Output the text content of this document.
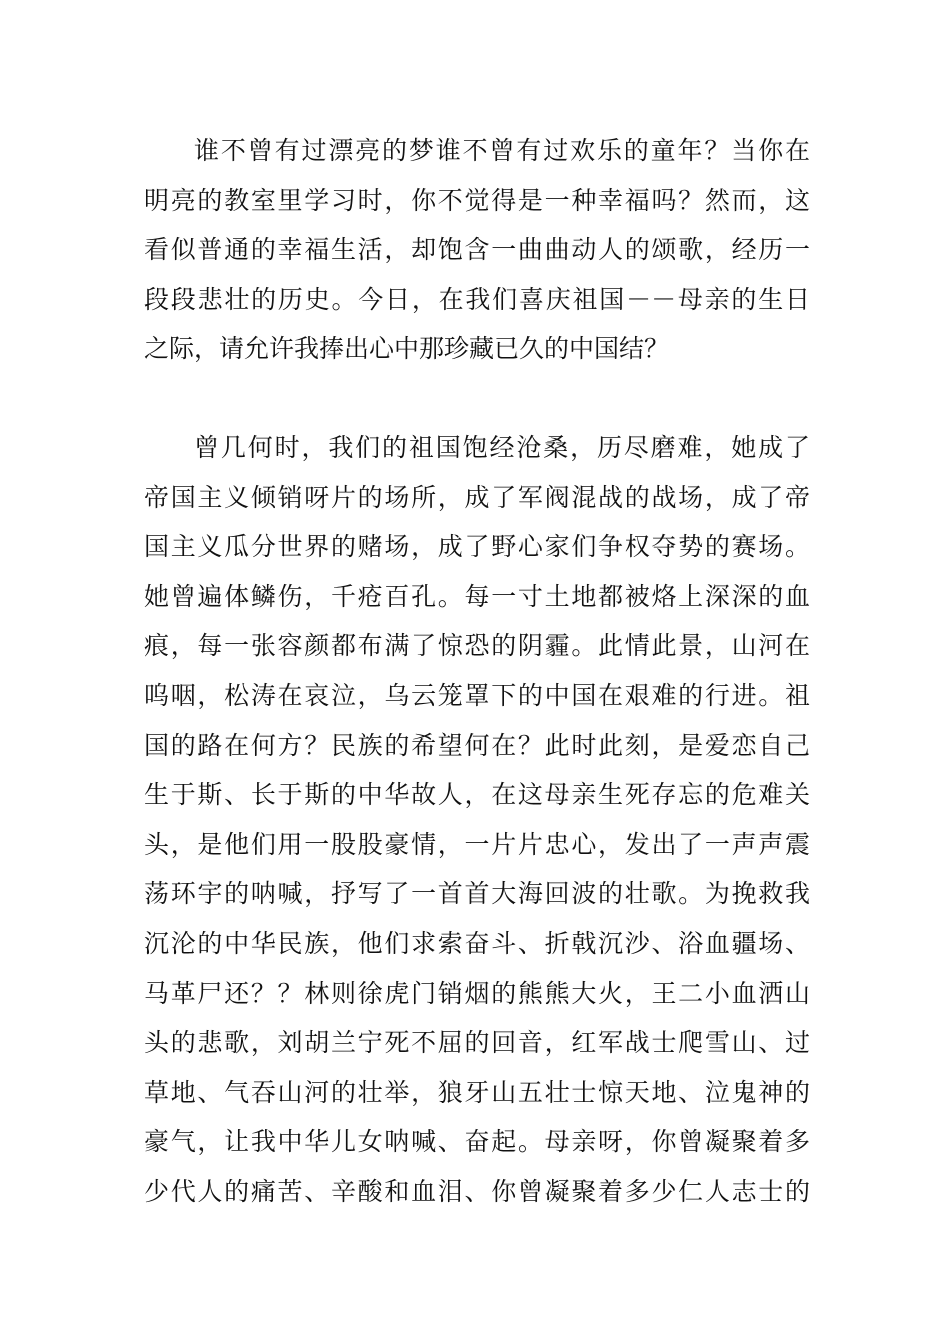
谁不曾有过漂亮的梦谁不曾有过欢乐的童年？当你在
明亮的教室里学习时，你不觉得是一种幸福吗？然而，这
看似普通的幸福生活，却饱含一曲曲动人的颂歌，经历一
段段悲壮的历史。今日，在我们喜庆祖国－－母亲的生日
之际，请允许我捧出心中那珍藏已久的中国结？
曾几何时，我们的祖国饱经沧桑，历尽磨难，她成了
帝国主义倾销呀片的场所，成了军阀混战的战场，成了帝
国主义瓜分世界的赌场，成了野心家们争权夺势的赛场。
她曾遍体鳞伤，千疮百孔。每一寸土地都被烙上深深的血
痕，每一张容颜都布满了惊恐的阴霾。此情此景，山河在
呜咽，松涛在哀泣，乌云笼罩下的中国在艰难的行进。祖
国的路在何方？民族的希望何在？此时此刻，是爱恋自己
生于斯、长于斯的中华故人，在这母亲生死存忘的危难关
头，是他们用一股股豪情，一片片忠心，发出了一声声震
荡环宇的呐喊，抒写了一首首大海回波的壮歌。为挽救我
沉沦的中华民族，他们求索奋斗、折戟沉沙、浴血疆场、
马革尸还？？林则徐虎门销烟的熊熊大火，王二小血洒山
头的悲歌，刘胡兰宁死不屈的回音，红军战士爬雪山、过
草地、气吞山河的壮举，狼牙山五壮士惊天地、泣鬼神的
豪气，让我中华儿女呐喊、奋起。母亲呀，你曾凝聚着多
少代人的痛苦、辛酸和血泪、你曾凝聚着多少仁人志士的
